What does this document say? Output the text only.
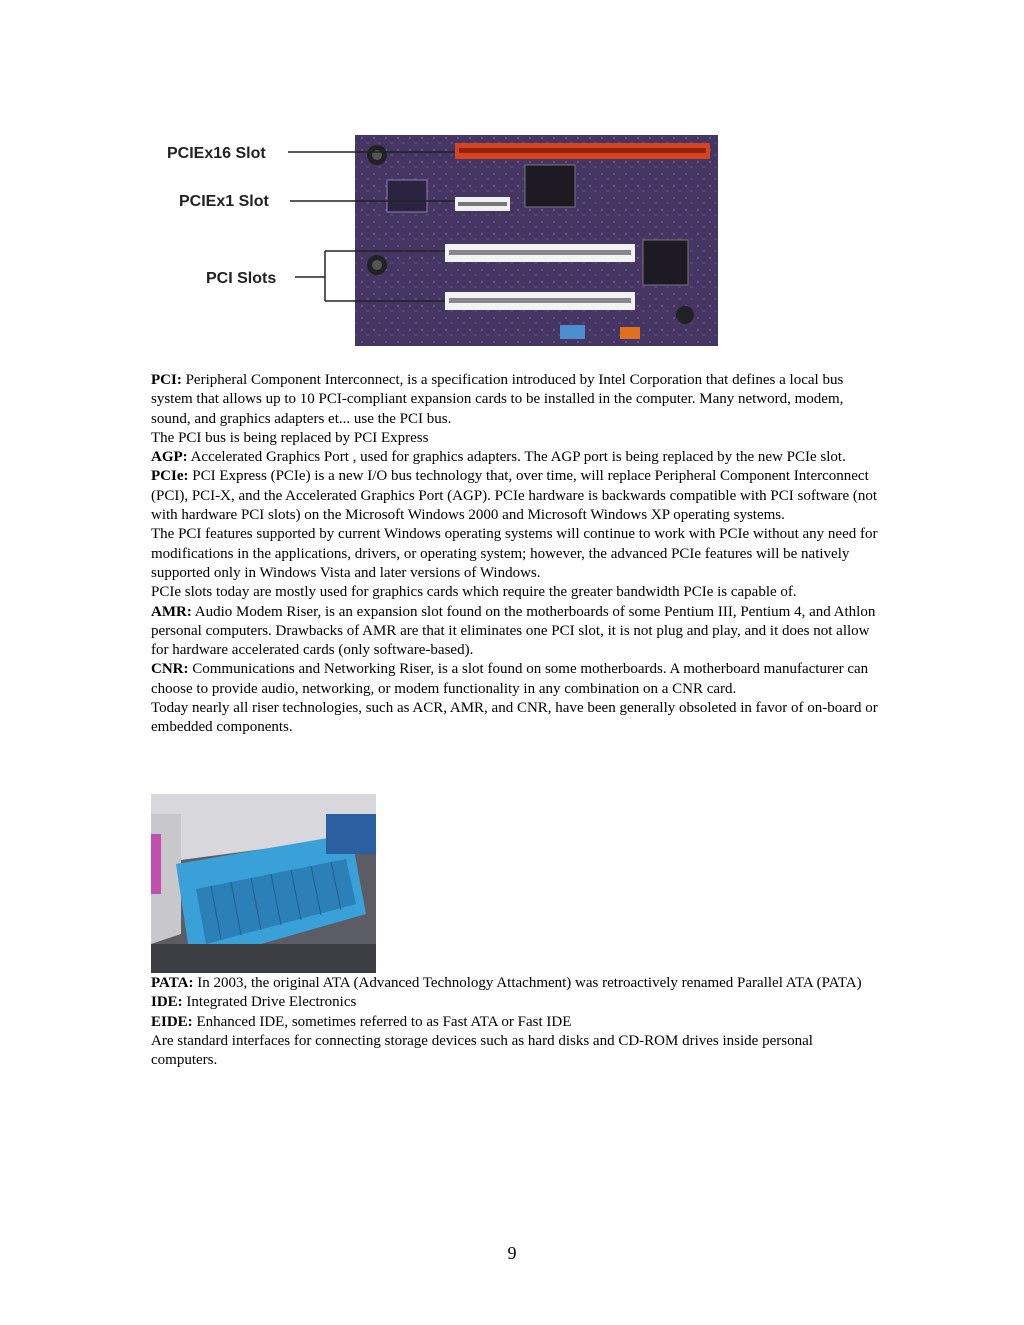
PCIEx16 Slot
PCIEx1 Slot
PCI Slots

PCI: Peripheral Component Interconnect, is a specification introduced by Intel Corporation that defines a local bus system that allows up to 10 PCI-compliant expansion cards to be installed in the computer. Many netword, modem, sound, and graphics adapters et... use the PCI bus.

The PCI bus is being replaced by PCI Express

AGP: Accelerated Graphics Port , used for graphics adapters. The AGP port is being replaced by the new PCIe slot.

PCIe: PCI Express (PCIe) is a new I/O bus technology that, over time, will replace Peripheral Component Interconnect (PCI), PCI-X, and the Accelerated Graphics Port (AGP). PCIe hardware is backwards compatible with PCI software (not with hardware PCI slots) on the Microsoft Windows 2000 and Microsoft Windows XP operating systems.

The PCI features supported by current Windows operating systems will continue to work with PCIe without any need for modifications in the applications, drivers, or operating system; however, the advanced PCIe features will be natively supported only in Windows Vista and later versions of Windows.

PCIe slots today are mostly used for graphics cards which require the greater bandwidth PCIe is capable of.

AMR: Audio Modem Riser, is an expansion slot found on the motherboards of some Pentium III, Pentium 4, and Athlon personal computers. Drawbacks of AMR are that it eliminates one PCI slot, it is not plug and play, and it does not allow for hardware accelerated cards (only software-based).

CNR: Communications and Networking Riser, is a slot found on some motherboards. A motherboard manufacturer can choose to provide audio, networking, or modem functionality in any combination on a CNR card.

Today nearly all riser technologies, such as ACR, AMR, and CNR, have been generally obsoleted in favor of on-board or embedded components.

PATA: In 2003, the original ATA (Advanced Technology Attachment) was retroactively renamed Parallel ATA (PATA)

IDE: Integrated Drive Electronics

EIDE: Enhanced IDE, sometimes referred to as Fast ATA or Fast IDE

Are standard interfaces for connecting storage devices such as hard disks and CD-ROM drives inside personal computers.

9
